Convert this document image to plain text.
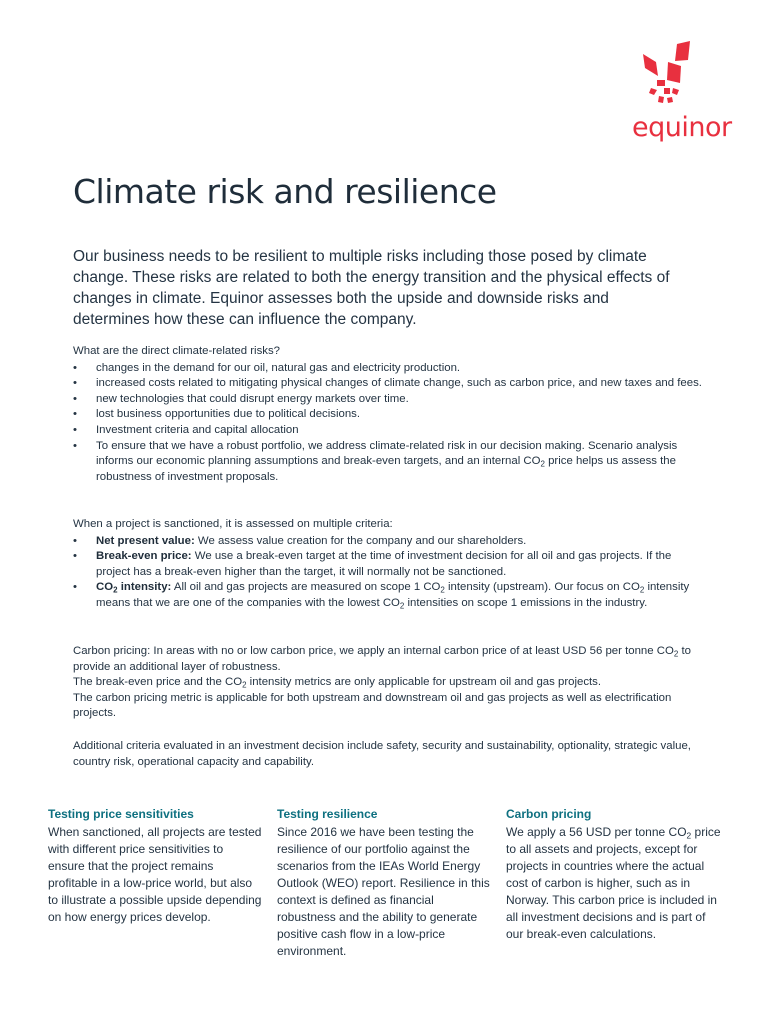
equinor
Climate risk and resilience

Our business needs to be resilient to multiple risks including those posed by climate change. These risks are related to both the energy transition and the physical effects of changes in climate. Equinor assesses both the upside and downside risks and determines how these can influence the company.

What are the direct climate-related risks?

• changes in the demand for our oil, natural gas and electricity production.
• increased costs related to mitigating physical changes of climate change, such as carbon price, and new taxes and fees.
• new technologies that could disrupt energy markets over time.
• lost business opportunities due to political decisions.
• Investment criteria and capital allocation
• To ensure that we have a robust portfolio, we address climate-related risk in our decision making. Scenario analysis informs our economic planning assumptions and break-even targets, and an internal $CO_2$ price helps us assess the robustness of investment proposals.

When a project is sanctioned, it is assessed on multiple criteria:

• Net present value: We assess value creation for the company and our shareholders.
• Break-even price: We use a break-even target at the time of investment decision for all oil and gas projects. If the project has a break-even higher than the target, it will normally not be sanctioned.
• $CO_2$ intensity: All oil and gas projects are measured on scope 1 $CO_2$ intensity (upstream). Our focus on $CO_2$ intensity means that we are one of the companies with the lowest $CO_2$ intensities on scope 1 emissions in the industry.

Carbon pricing: In areas with no or low carbon price, we apply an internal carbon price of at least USD 56 per tonne $CO_2$ to provide an additional layer of robustness.

The break-even price and the $CO_2$ intensity metrics are only applicable for upstream oil and gas projects.

The carbon pricing metric is applicable for both upstream and downstream oil and gas projects as well as electrification projects.

Additional criteria evaluated in an investment decision include safety, security and sustainability, optionality, strategic value, country risk, operational capacity and capability.

Testing price sensitivities

When sanctioned, all projects are tested with different price sensitivities to ensure that the project remains profitable in a low-price world, but also to illustrate a possible upside depending on how energy prices develop.

Testing resilience

Since 2016 we have been testing the resilience of our portfolio against the scenarios from the IEAs World Energy Outlook (WEO) report. Resilience in this context is defined as financial robustness and the ability to generate positive cash flow in a low-price environment.

Carbon pricing

We apply a 56 USD per tonne $CO_2$ price to all assets and projects, except for projects in countries where the actual cost of carbon is higher, such as in Norway. This carbon price is included in all investment decisions and is part of our break-even calculations.
